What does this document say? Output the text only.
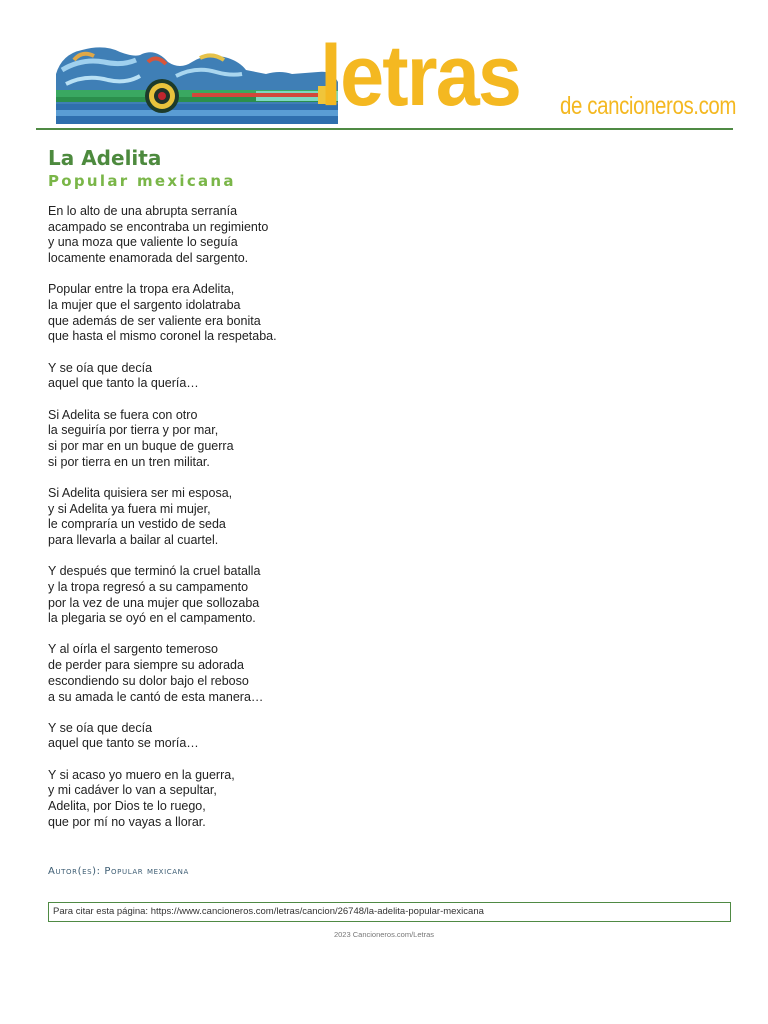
letras de cancioneros.com
La Adelita
Popular mexicana
En lo alto de una abrupta serranía
acampado se encontraba un regimiento
y una moza que valiente lo seguía
locamente enamorada del sargento.
Popular entre la tropa era Adelita,
la mujer que el sargento idolatraba
que además de ser valiente era bonita
que hasta el mismo coronel la respetaba.
Y se oía que decía
aquel que tanto la quería…
Si Adelita se fuera con otro
la seguiría por tierra y por mar,
si por mar en un buque de guerra
si por tierra en un tren militar.
Si Adelita quisiera ser mi esposa,
y si Adelita ya fuera mi mujer,
le compraría un vestido de seda
para llevarla a bailar al cuartel.
Y después que terminó la cruel batalla
y la tropa regresó a su campamento
por la vez de una mujer que sollozaba
la plegaria se oyó en el campamento.
Y al oírla el sargento temeroso
de perder para siempre su adorada
escondiendo su dolor bajo el reboso
a su amada le cantó de esta manera…
Y se oía que decía
aquel que tanto se moría…
Y si acaso yo muero en la guerra,
y mi cadáver lo van a sepultar,
Adelita, por Dios te lo ruego,
que por mí no vayas a llorar.
Autor(es): Popular mexicana
Para citar esta página: https://www.cancioneros.com/letras/cancion/26748/la-adelita-popular-mexicana
2023 Cancioneros.com/Letras
